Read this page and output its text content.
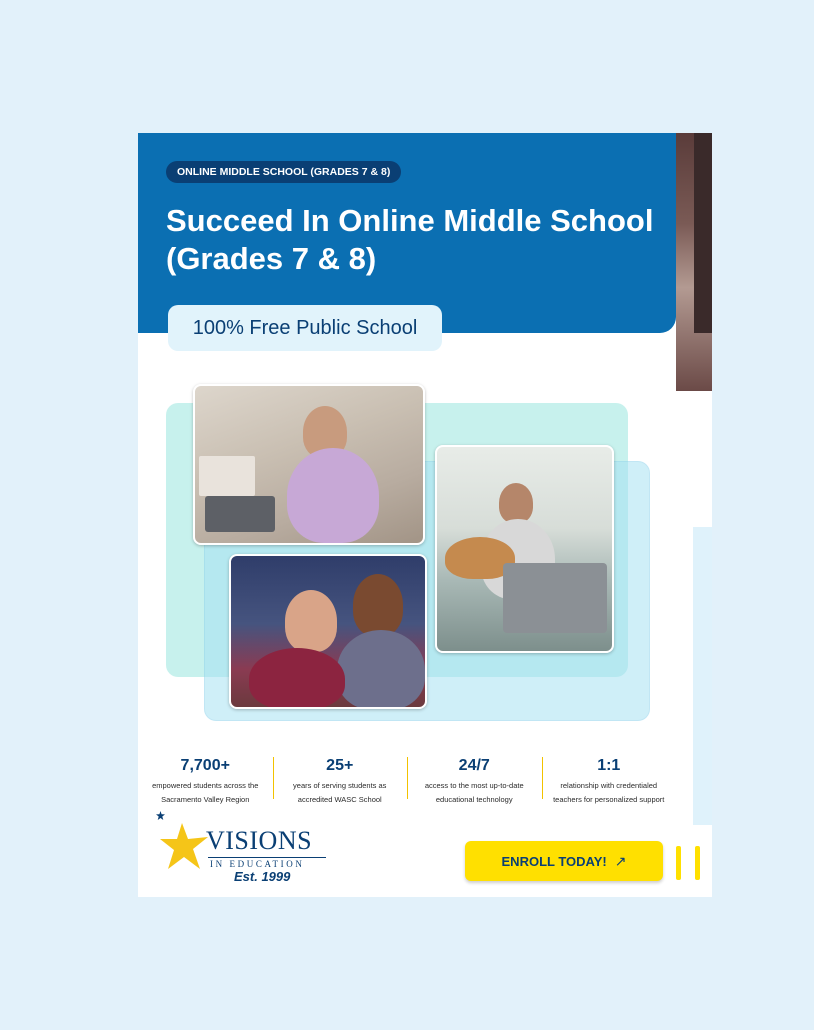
ONLINE MIDDLE SCHOOL (GRADES 7 & 8)
Succeed In Online Middle School (Grades 7 & 8)
100% Free Public School
7,700+
empowered students across the Sacramento Valley Region
25+
years of serving students as accredited WASC School
24/7
access to the most up-to-date educational technology
1:1
relationship with credentialed teachers for personalized support
VISIONS
IN EDUCATION
Est. 1999
ENROLL TODAY! ↗
